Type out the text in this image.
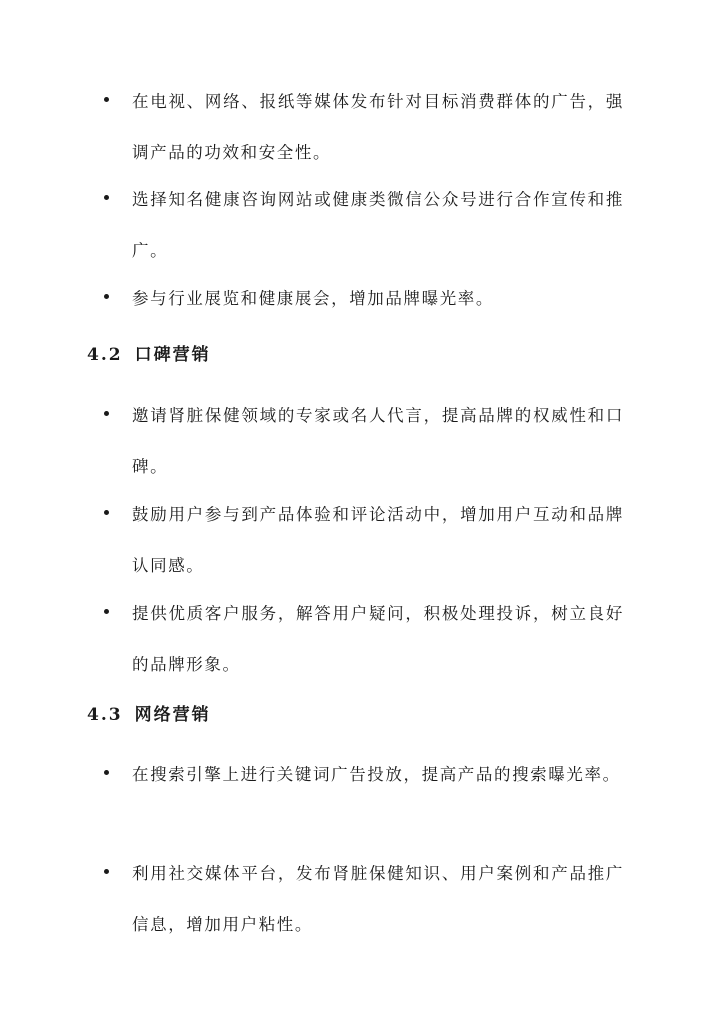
在电视、网络、报纸等媒体发布针对目标消费群体的广告，强调产品的功效和安全性。

选择知名健康咨询网站或健康类微信公众号进行合作宣传和推广。

参与行业展览和健康展会，增加品牌曝光率。

4.2 口碑营销

邀请肾脏保健领域的专家或名人代言，提高品牌的权威性和口碑。

鼓励用户参与到产品体验和评论活动中，增加用户互动和品牌认同感。

提供优质客户服务，解答用户疑问，积极处理投诉，树立良好的品牌形象。

4.3 网络营销

在搜索引擎上进行关键词广告投放，提高产品的搜索曝光率。

利用社交媒体平台，发布肾脏保健知识、用户案例和产品推广信息，增加用户粘性。
